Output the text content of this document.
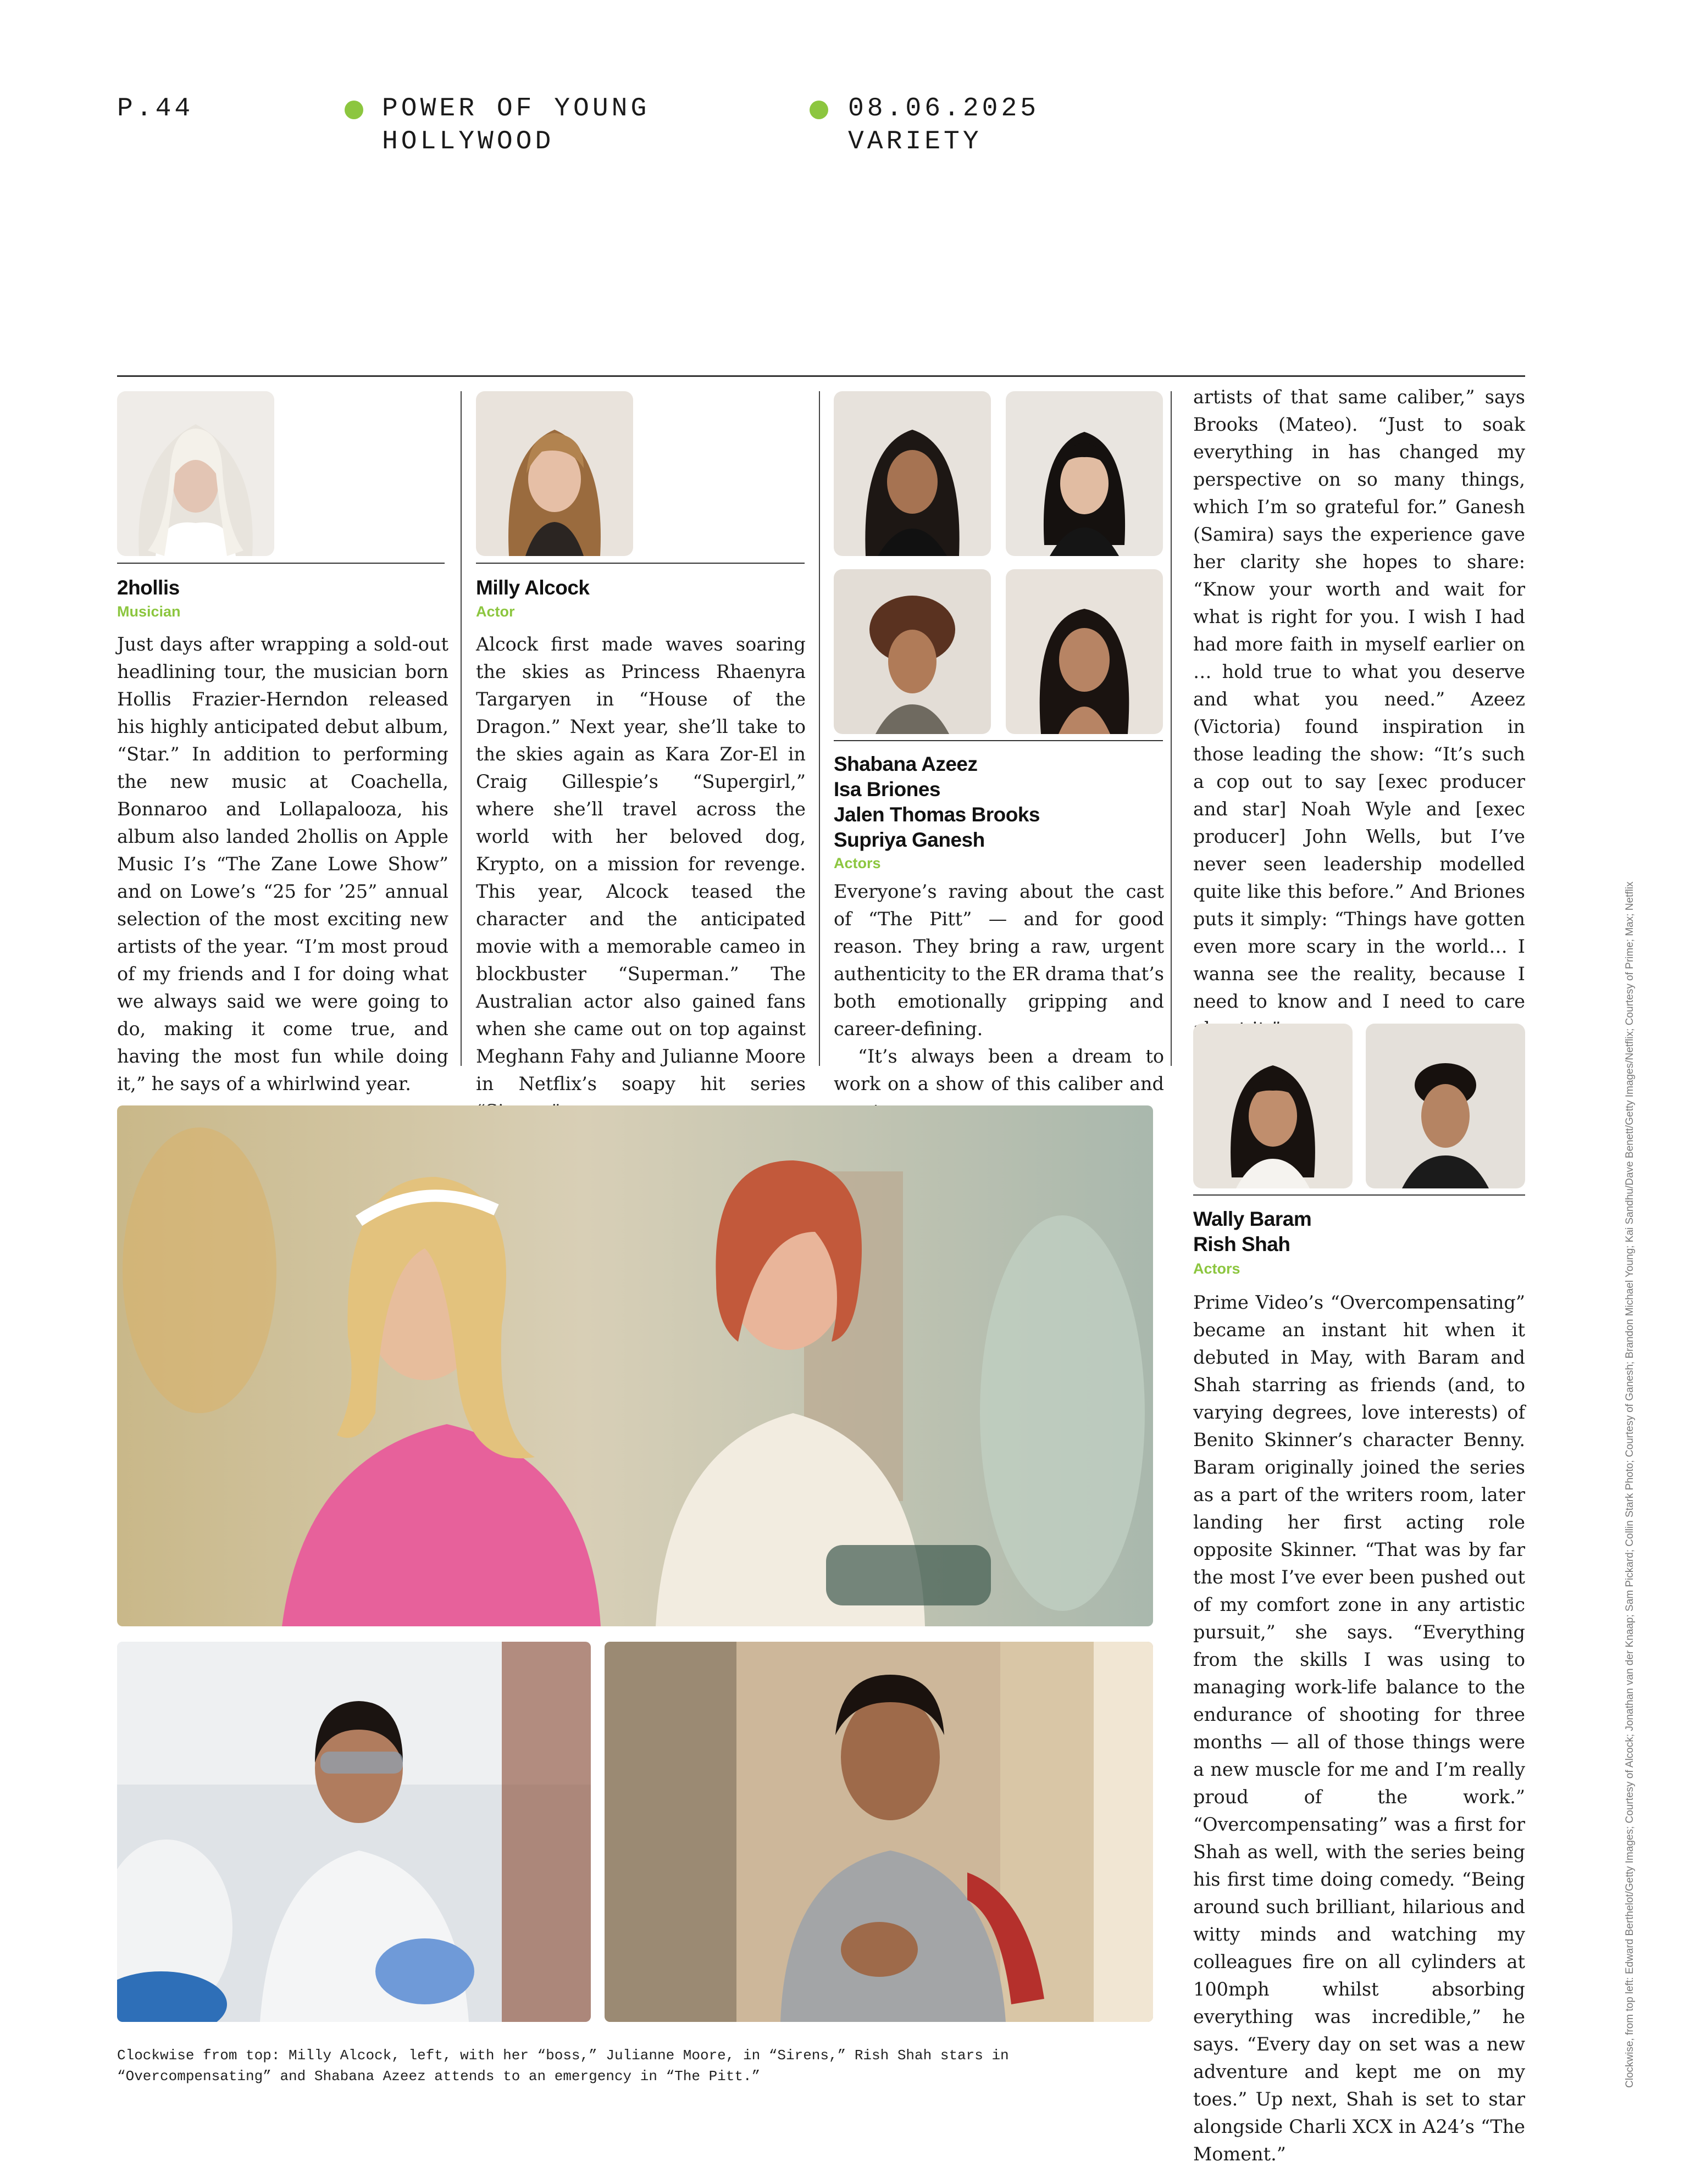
P.44	POWER OF YOUNG
HOLLYWOOD
08.06.2025
VARIETY
2hollis
Musician
Just days after wrapping a sold-out headlining tour, the musician born Hollis Frazier-Herndon released his highly anticipated debut album, “Star.” In addition to performing the new music at Coachella, Bonnaroo and Lollapalooza, his album also landed 2hollis on Apple Music I’s “The Zane Lowe Show” and on Lowe’s “25 for ’25” annual selection of the most exciting new artists of the year. “I’m most proud of my friends and I for doing what we always said we were going to do, making it come true, and having the most fun while doing it,” he says of a whirlwind year.
Milly Alcock
Actor
Alcock first made waves soaring the skies as Princess Rhaenyra Targaryen in “House of the Dragon.” Next year, she’ll take to the skies again as Kara Zor-El in Craig Gillespie’s “Supergirl,” where she’ll travel across the world with her beloved dog, Krypto, on a mission for revenge. This year, Alcock teased the character and the anticipated movie with a memorable cameo in blockbuster “Superman.” The Australian actor also gained fans when she came out on top against Meghann Fahy and Julianne Moore in Netflix’s soapy hit series
Shabana Azeez
Isa Briones
Jalen Thomas Brooks
Supriya Ganesh
Actors

Everyone’s raving about the cast of “The Pitt” — and for good reason. They bring a raw, urgent authenticity to the ER drama that’s both emotionally gripping and career-defining.

“It’s always been a dream to work on a show of this caliber and

artists of that same caliber,” says Brooks (Mateo). “Just to soak everything in has changed my perspective on so many things, which I’m so grateful for.” Ganesh (Samira) says the experience gave her clarity she hopes to share: “Know your worth and wait for what is right for you. I wish I had had more faith in myself earlier on … hold true to what you deserve and what you need.” Azeez (Victoria) found inspiration in those leading the show: “It’s such a cop out to say [exec producer and star] Noah Wyle and [exec producer] John Wells, but I’ve never seen leadership modelled quite like this before.” And Briones puts it simply: “Things have gotten even more scary in the world… I wanna see the reality, because I need to know and I need to care
Wally Baram
Rish Shah
Actors
Prime Video’s “Overcompensating” became an instant hit when it debuted in May, with Baram and Shah starring as friends (and, to varying degrees, love interests) of Benito Skinner’s character Benny. Baram originally joined the series as a part of the writers room, later landing her first acting role opposite Skinner. “That was by far the most I’ve ever been pushed out of my comfort zone in any artistic pursuit,” she says. “Everything from the skills I was using to managing work-life balance to the endurance of shooting for three months — all of those things were a new muscle for me and I’m really proud of the work.” “Overcompensating” was a first for Shah as well, with the series being his first time doing comedy. “Being around such brilliant, hilarious and witty minds and watching my colleagues fire on all cylinders at 100mph whilst absorbing everything was incredible,” he says. “Every day on set was a new adventure and kept me on my toes.” Up next, Shah is set to star alongside Charli XCX in A24’s “The Moment.”
Clockwise from top: Milly Alcock, left, with her “boss,” Julianne Moore, in “Sirens,” Rish Shah stars in “Overcompensating” and Shabana Azeez attends to an emergency in “The Pitt.”	Clockwise, from top left: Edward Berthelot/Getty Images; Courtesy of Alcock; Jonathan van der Knaap; Sam Pickard; Collin Stark Photo; Courtesy of Ganesh; Brandon Michael Young; Kai Sandhu/Dave Benett/Getty Images/Netflix; Courtesy of Prime; Max; Netflix
